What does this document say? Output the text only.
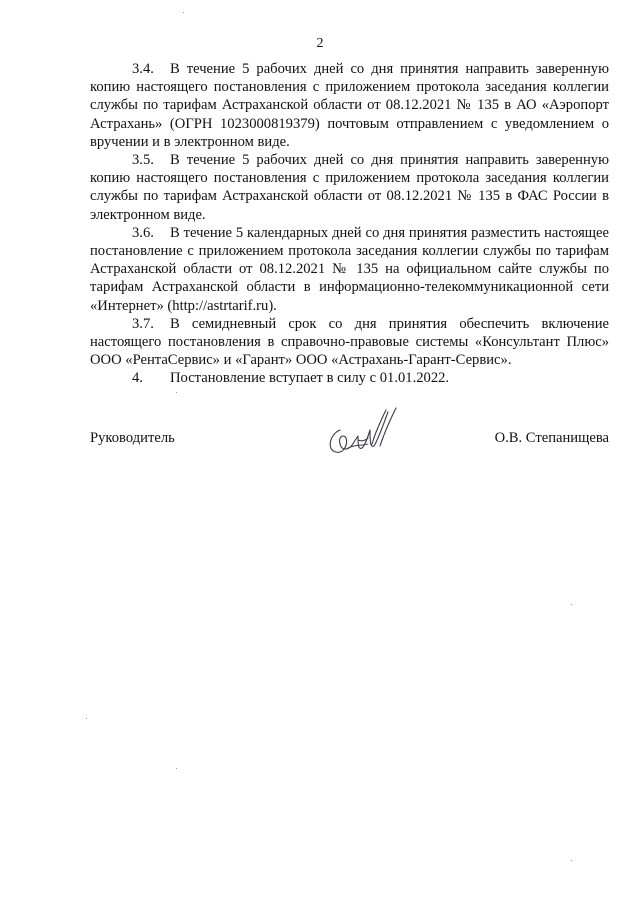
2

3.4. В течение 5 рабочих дней со дня принятия направить заверенную копию настоящего постановления с приложением протокола заседания коллегии службы по тарифам Астраханской области от 08.12.2021 № 135 в АО «Аэропорт Астрахань» (ОГРН 1023000819379) почтовым отправлением с уведомлением о вручении и в электронном виде.

3.5. В течение 5 рабочих дней со дня принятия направить заверенную копию настоящего постановления с приложением протокола заседания коллегии службы по тарифам Астраханской области от 08.12.2021 № 135 в ФАС России в электронном виде.

3.6. В течение 5 календарных дней со дня принятия разместить настоящее постановление с приложением протокола заседания коллегии службы по тарифам Астраханской области от 08.12.2021 № 135 на официальном сайте службы по тарифам Астраханской области в информационно-телекоммуникационной сети «Интернет» (http://astrtarif.ru).

3.7. В семидневный срок со дня принятия обеспечить включение настоящего постановления в справочно-правовые системы «Консультант Плюс» ООО «РентаСервис» и «Гарант» ООО «Астрахань-Гарант-Сервис».

4. Постановление вступает в силу с 01.01.2022.

Руководитель	О.В. Степанищева
